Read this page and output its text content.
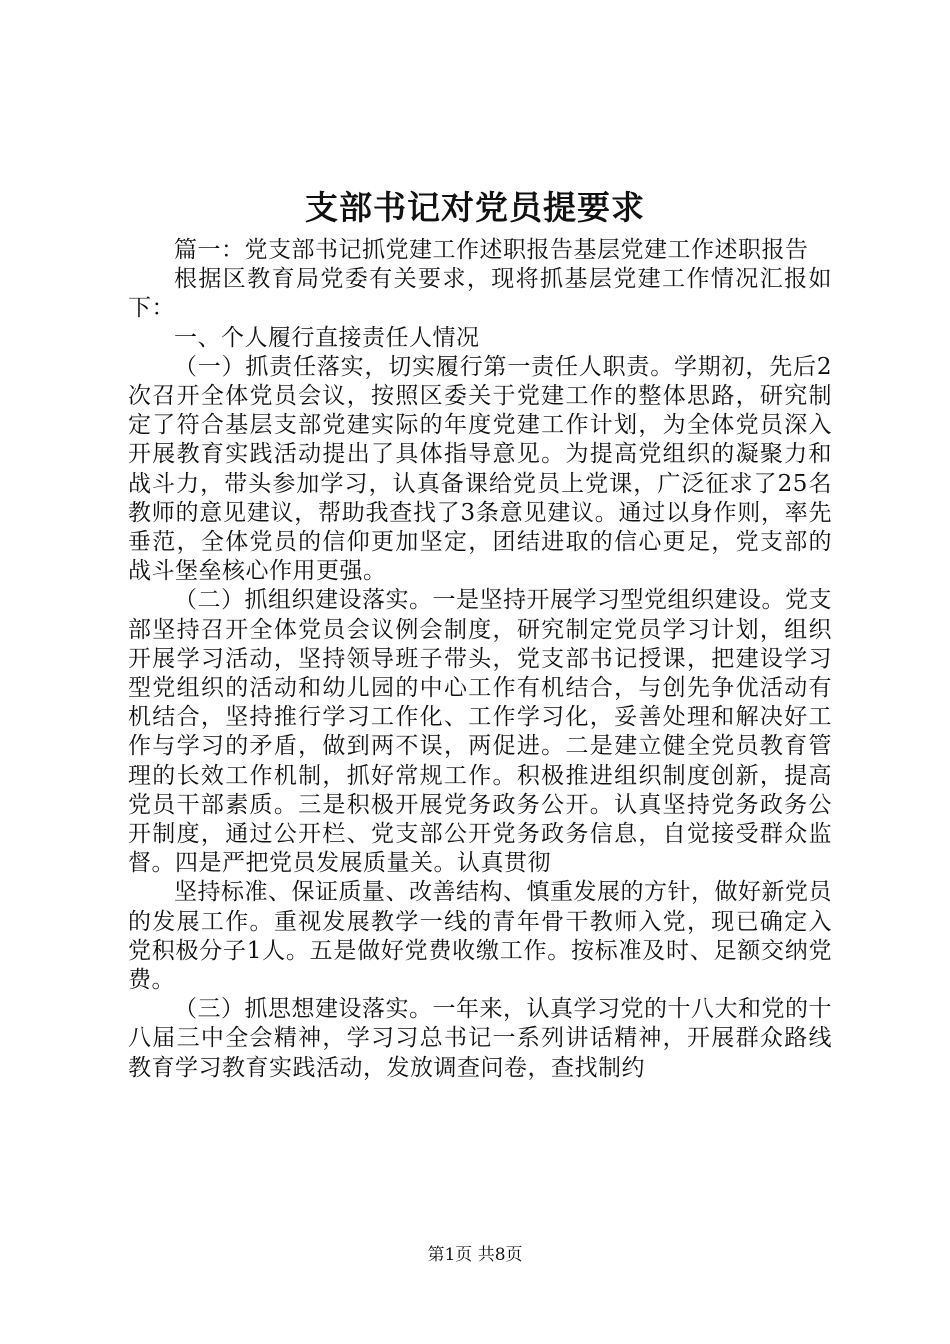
支部书记对党员提要求

篇一：党支部书记抓党建工作述职报告基层党建工作述职报告

根据区教育局党委有关要求，现将抓基层党建工作情况汇报如下：

一、个人履行直接责任人情况

（一）抓责任落实，切实履行第一责任人职责。学期初，先后2次召开全体党员会议，按照区委关于党建工作的整体思路，研究制定了符合基层支部党建实际的年度党建工作计划，为全体党员深入开展教育实践活动提出了具体指导意见。为提高党组织的凝聚力和战斗力，带头参加学习，认真备课给党员上党课，广泛征求了25名教师的意见建议，帮助我查找了3条意见建议。通过以身作则，率先垂范，全体党员的信仰更加坚定，团结进取的信心更足，党支部的战斗堡垒核心作用更强。

（二）抓组织建设落实。一是坚持开展学习型党组织建设。党支部坚持召开全体党员会议例会制度，研究制定党员学习计划，组织开展学习活动，坚持领导班子带头，党支部书记授课，把建设学习型党组织的活动和幼儿园的中心工作有机结合，与创先争优活动有机结合，坚持推行学习工作化、工作学习化，妥善处理和解决好工作与学习的矛盾，做到两不误，两促进。二是建立健全党员教育管理的长效工作机制，抓好常规工作。积极推进组织制度创新，提高党员干部素质。三是积极开展党务政务公开。认真坚持党务政务公开制度，通过公开栏、党支部公开党务政务信息，自觉接受群众监督。四是严把党员发展质量关。认真贯彻

坚持标准、保证质量、改善结构、慎重发展的方针，做好新党员的发展工作。重视发展教学一线的青年骨干教师入党，现已确定入党积极分子1人。五是做好党费收缴工作。按标准及时、足额交纳党费。

（三）抓思想建设落实。一年来，认真学习党的十八大和党的十八届三中全会精神，学习习总书记一系列讲话精神，开展群众路线教育学习教育实践活动，发放调查问卷，查找制约

第1页 共8页
